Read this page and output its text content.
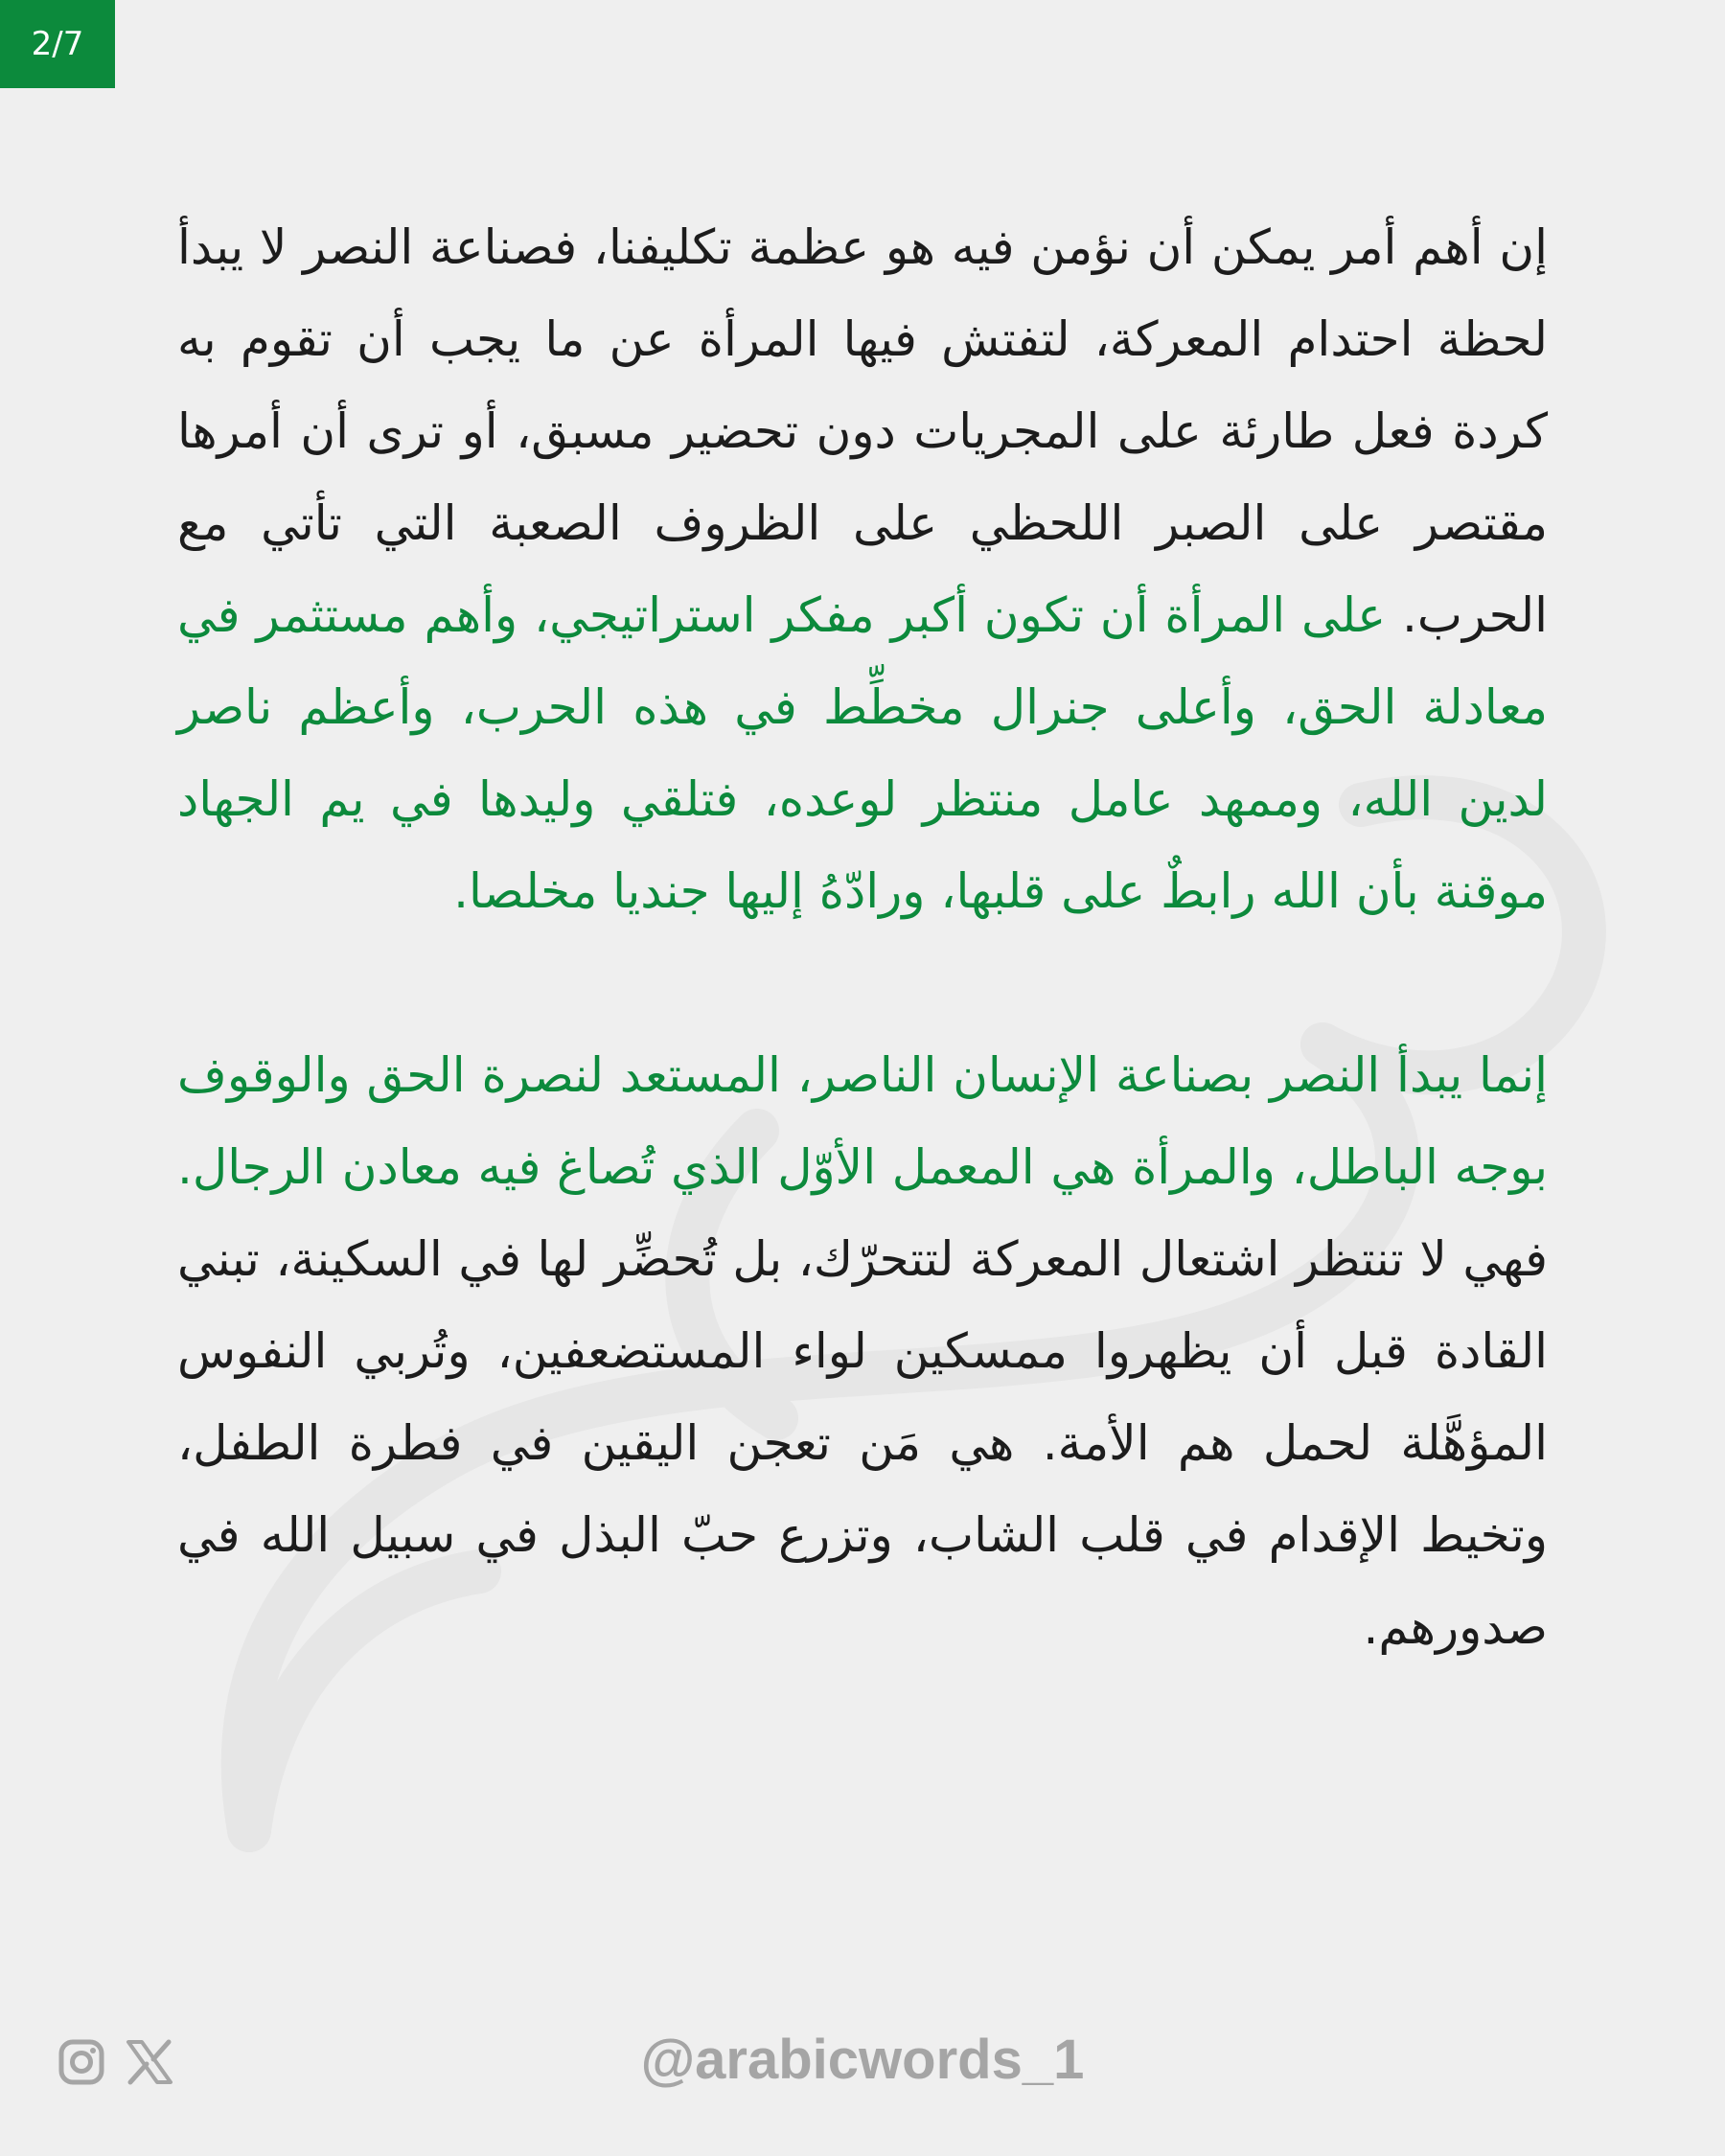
2/7

إن أهم أمر يمكن أن نؤمن فيه هو عظمة تكليفنا، فصناعة النصر لا يبدأ لحظة احتدام المعركة، لتفتش فيها المرأة عن ما يجب أن تقوم به كردة فعل طارئة على المجريات دون تحضير مسبق، أو ترى أن أمرها مقتصر على الصبر اللحظي على الظروف الصعبة التي تأتي مع الحرب. على المرأة أن تكون أكبر مفكر استراتيجي، وأهم مستثمر في معادلة الحق، وأعلى جنرال مخطِّط في هذه الحرب، وأعظم ناصر لدين الله، وممهد عامل منتظر لوعده، فتلقي وليدها في يم الجهاد موقنة بأن الله رابطٌ على قلبها، ورادّهُ إليها جنديا مخلصا.

إنما يبدأ النصر بصناعة الإنسان الناصر، المستعد لنصرة الحق والوقوف بوجه الباطل، والمرأة هي المعمل الأوّل الذي تُصاغ فيه معادن الرجال. فهي لا تنتظر اشتعال المعركة لتتحرّك، بل تُحضِّر لها في السكينة، تبني القادة قبل أن يظهروا ممسكين لواء المستضعفين، وتُربي النفوس المؤهَّلة لحمل هم الأمة. هي مَن تعجن اليقين في فطرة الطفل، وتخيط الإقدام في قلب الشاب، وتزرع حبّ البذل في سبيل الله في صدورهم.

@arabicwords_1
